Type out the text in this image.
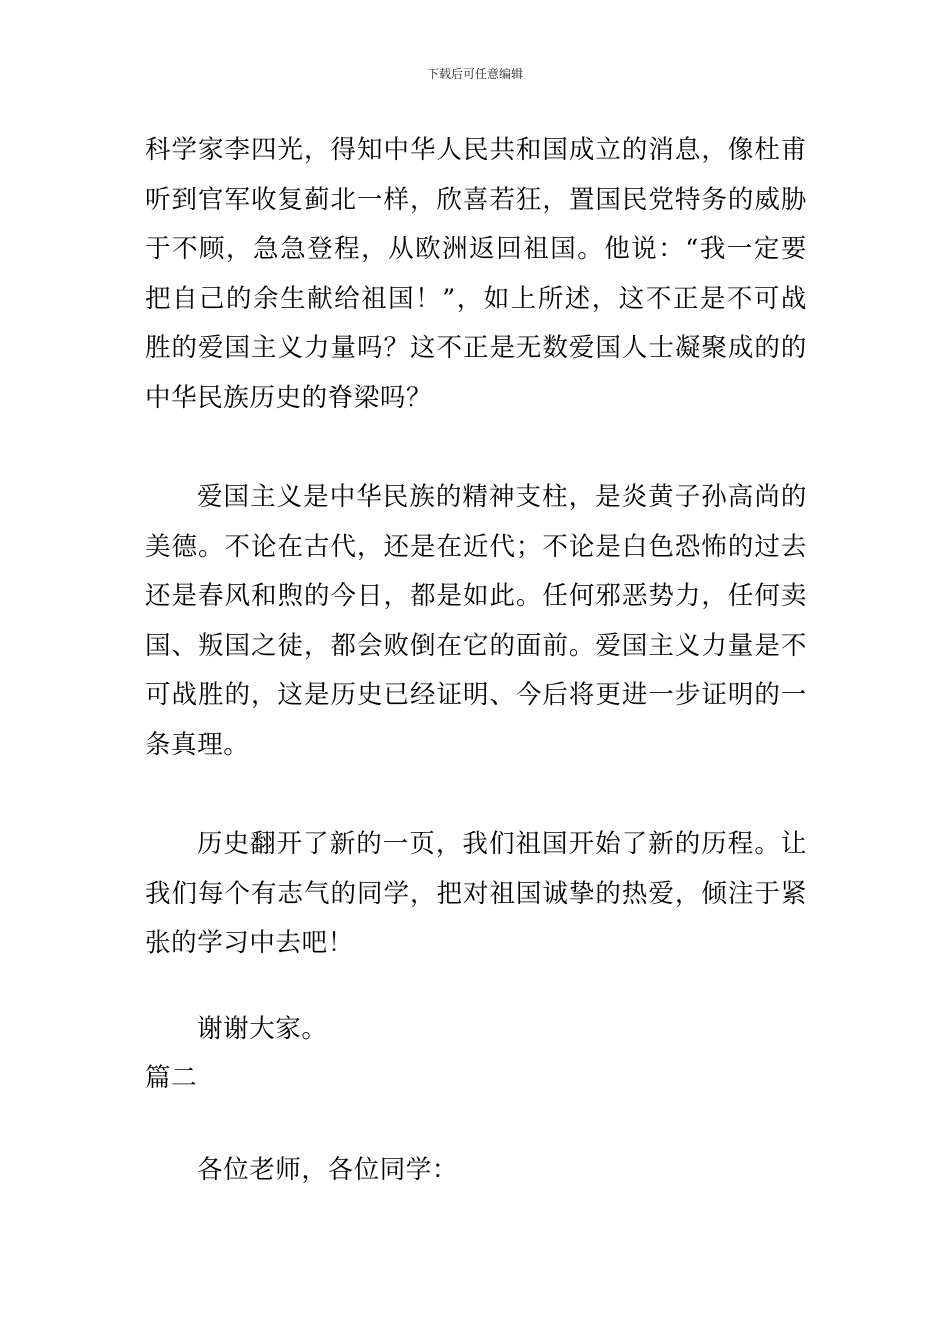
下载后可任意编辑

科学家李四光，得知中华人民共和国成立的消息，像杜甫听到官军收复蓟北一样，欣喜若狂，置国民党特务的威胁于不顾，急急登程，从欧洲返回祖国。他说：“我一定要把自己的余生献给祖国！”，如上所述，这不正是不可战胜的爱国主义力量吗？这不正是无数爱国人士凝聚成的的中华民族历史的脊梁吗？

爱国主义是中华民族的精神支柱，是炎黄子孙高尚的美德。不论在古代，还是在近代；不论是白色恐怖的过去还是春风和煦的今日，都是如此。任何邪恶势力，任何卖国、叛国之徒，都会败倒在它的面前。爱国主义力量是不可战胜的，这是历史已经证明、今后将更进一步证明的一条真理。

历史翻开了新的一页，我们祖国开始了新的历程。让我们每个有志气的同学，把对祖国诚挚的热爱，倾注于紧张的学习中去吧！

谢谢大家。

篇二

各位老师，各位同学：
